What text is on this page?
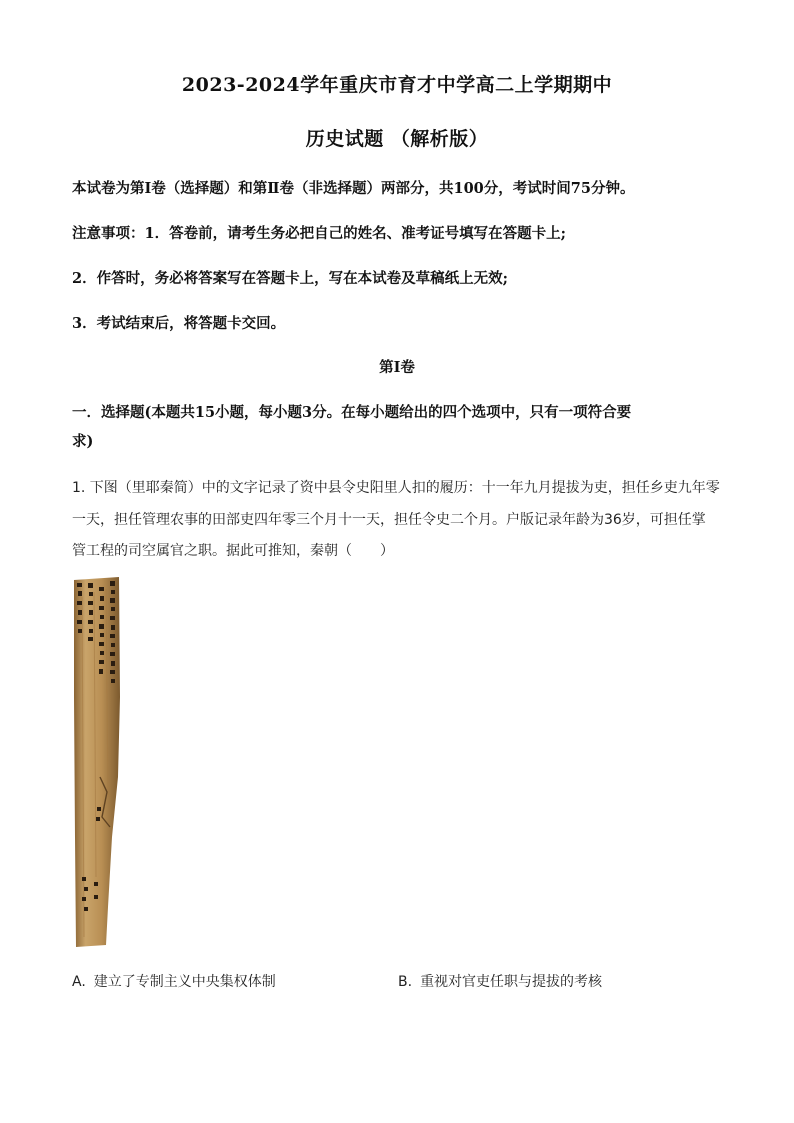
2023-2024学年重庆市育才中学高二上学期期中
历史试题 （解析版）
本试卷为第Ⅰ卷（选择题）和第Ⅱ卷（非选择题）两部分，共100分，考试时间75分钟。
注意事项：1．答卷前，请考生务必把自己的姓名、准考证号填写在答题卡上;
2．作答时，务必将答案写在答题卡上，写在本试卷及草稿纸上无效;
3．考试结束后，将答题卡交回。
第Ⅰ卷
一．选择题(本题共15小题，每小题3分。在每小题给出的四个选项中，只有一项符合要
求)
1. 下图（里耶秦简）中的文字记录了资中县令史阳里人扣的履历：十一年九月提拔为吏，担任乡吏九年零
一天，担任管理农事的田部吏四年零三个月十一天，担任令史二个月。户版记录年龄为36岁，可担任掌
管工程的司空属官之职。据此可推知，秦朝（　　）
A. 建立了专制主义中央集权体制	B. 重视对官吏任职与提拔的考核
